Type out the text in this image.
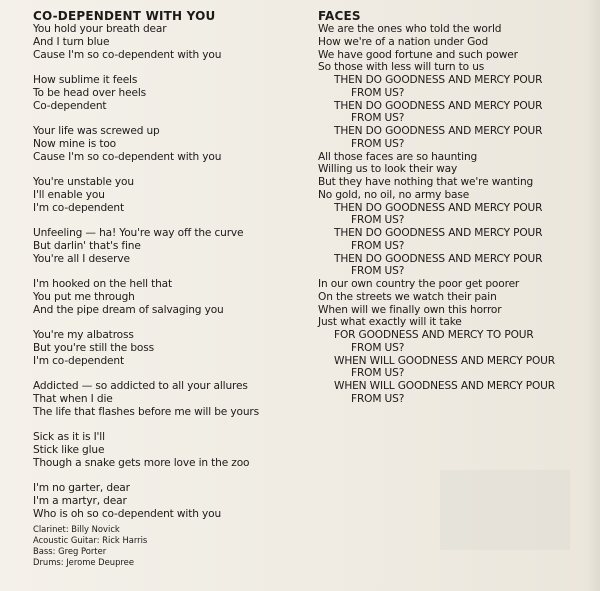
CO-DEPENDENT WITH YOU
You hold your breath dear
And I turn blue
Cause I'm so co-dependent with you
How sublime it feels
To be head over heels
Co-dependent
Your life was screwed up
Now mine is too
Cause I'm so co-dependent with you
You're unstable you
I'll enable you
I'm co-dependent
Unfeeling — ha! You're way off the curve
But darlin' that's fine
You're all I deserve
I'm hooked on the hell that
You put me through
And the pipe dream of salvaging you
You're my albatross
But you're still the boss
I'm co-dependent
Addicted — so addicted to all your allures
That when I die
The life that flashes before me will be yours
Sick as it is I'll
Stick like glue
Though a snake gets more love in the zoo
I'm no garter, dear
I'm a martyr, dear
Who is oh so co-dependent with you
Clarinet: Billy Novick
Acoustic Guitar: Rick Harris
Bass: Greg Porter
Drums: Jerome Deupree
FACES
We are the ones who told the world
How we're of a nation under God
We have good fortune and such power
So those with less will turn to us
THEN DO GOODNESS AND MERCY POUR
FROM US?
THEN DO GOODNESS AND MERCY POUR
FROM US?
THEN DO GOODNESS AND MERCY POUR
FROM US?
All those faces are so haunting
Willing us to look their way
But they have nothing that we're wanting
No gold, no oil, no army base
THEN DO GOODNESS AND MERCY POUR
FROM US?
THEN DO GOODNESS AND MERCY POUR
FROM US?
THEN DO GOODNESS AND MERCY POUR
FROM US?
In our own country the poor get poorer
On the streets we watch their pain
When will we finally own this horror
Just what exactly will it take
FOR GOODNESS AND MERCY TO POUR
FROM US?
WHEN WILL GOODNESS AND MERCY POUR
FROM US?
WHEN WILL GOODNESS AND MERCY POUR
FROM US?
